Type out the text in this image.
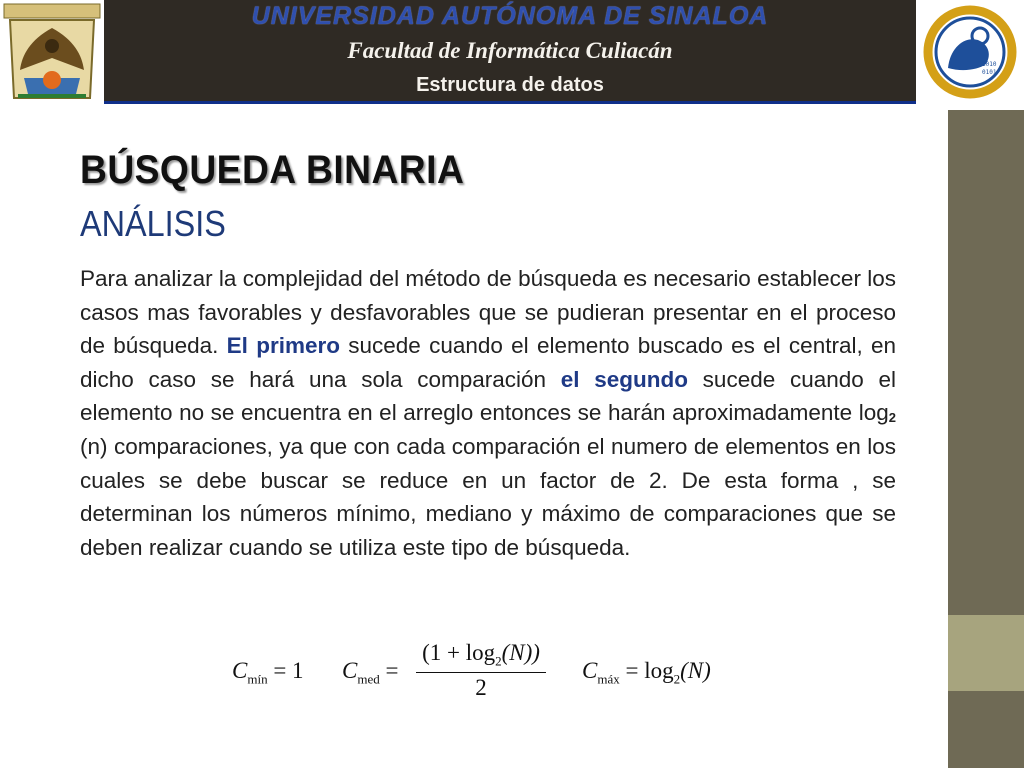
UNIVERSIDAD AUTÓNOMA DE SINALOA
Facultad de Informática Culiacán
Estructura de datos
1010
0101
BÚSQUEDA BINARIA
ANÁLISIS
Para analizar la complejidad del método de búsqueda es necesario establecer los casos mas favorables y desfavorables que se pudieran presentar en el proceso de búsqueda. El primero sucede cuando el elemento buscado es el central, en dicho caso se hará una sola comparación el segundo sucede cuando el elemento no se encuentra en el arreglo entonces se harán aproximadamente $\log_2 (n)$ comparaciones, ya que con cada comparación el numero de elementos en los cuales se debe buscar se reduce en un factor de 2. De esta forma , se determinan los números mínimo, mediano y máximo de comparaciones que se deben realizar cuando se utiliza este tipo de búsqueda.
$C_{mín} = 1$ $C_{med}$ =
$(1 + \log_2(N))$
2
$C_{máx} = \log_2(N)$
